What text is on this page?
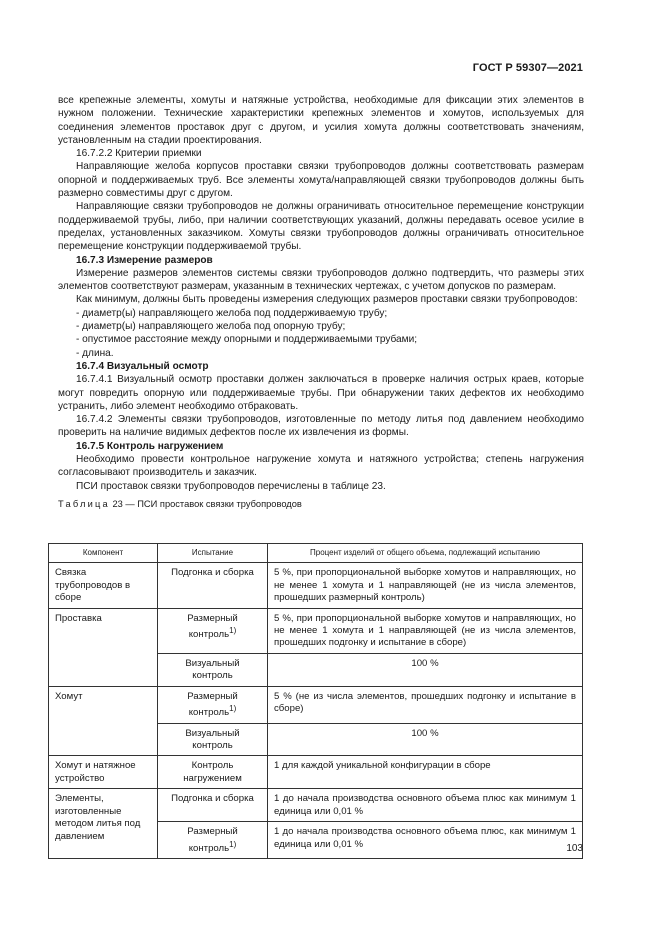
ГОСТ Р 59307—2021

все крепежные элементы, хомуты и натяжные устройства, необходимые для фиксации этих элементов в нужном положении. Технические характеристики крепежных элементов и хомутов, используемых для соединения элементов проставок друг с другом, и усилия хомута должны соответствовать значениям, установленным на стадии проектирования.

16.7.2.2 Критерии приемки

Направляющие желоба корпусов проставки связки трубопроводов должны соответствовать размерам опорной и поддерживаемых труб. Все элементы хомута/направляющей связки трубопроводов должны быть размерно совместимы друг с другом.

Направляющие связки трубопроводов не должны ограничивать относительное перемещение конструкции поддерживаемой трубы, либо, при наличии соответствующих указаний, должны передавать осевое усилие в пределах, установленных заказчиком. Хомуты связки трубопроводов должны ограничивать относительное перемещение конструкции поддерживаемой трубы.

16.7.3 Измерение размеров

Измерение размеров элементов системы связки трубопроводов должно подтвердить, что размеры этих элементов соответствуют размерам, указанным в технических чертежах, с учетом допусков по размерам.

Как минимум, должны быть проведены измерения следующих размеров проставки связки трубопроводов:

- диаметр(ы) направляющего желоба под поддерживаемую трубу;

- диаметр(ы) направляющего желоба под опорную трубу;

- опустимое расстояние между опорными и поддерживаемыми трубами;

- длина.

16.7.4 Визуальный осмотр

16.7.4.1 Визуальный осмотр проставки должен заключаться в проверке наличия острых краев, которые могут повредить опорную или поддерживаемые трубы. При обнаружении таких дефектов их необходимо устранить, либо элемент необходимо отбраковать.

16.7.4.2 Элементы связки трубопроводов, изготовленные по методу литья под давлением необходимо проверить на наличие видимых дефектов после их извлечения из формы.

16.7.5 Контроль нагружением

Необходимо провести контрольное нагружение хомута и натяжного устройства; степень нагружения согласовывают производитель и заказчик.

ПСИ проставок связки трубопроводов перечислены в таблице 23.

Таблица 23 — ПСИ проставок связки трубопроводов
Компонент	Испытание	Процент изделий от общего объема, подлежащий испытанию
Связка трубопроводов в сборе	Подгонка и сборка	5 %, при пропорциональной выборке хомутов и направляющих, но не менее 1 хомута и 1 направляющей (не из числа элементов, прошедших размерный контроль)
Проставка	Размерный контроль$^{1)}$	5 %, при пропорциональной выборке хомутов и направляющих, но не менее 1 хомута и 1 направляющей (не из числа элементов, прошедших подгонку и испытание в сборе)
	Визуальный контроль	100 %
Хомут	Размерный контроль$^{1)}$	5 % (не из числа элементов, прошедших подгонку и испытание в сборе)
	Визуальный контроль	100 %
Хомут и натяжное устройство	Контроль нагружением	1 для каждой уникальной конфигурации в сборе
Элементы, изготовленные методом литья под давлением	Подгонка и сборка	1 до начала производства основного объема плюс как минимум 1 единица или 0,01 %
	Размерный контроль$^{1)}$	1 до начала производства основного объема плюс, как минимум 1 единица или 0,01 %	103
